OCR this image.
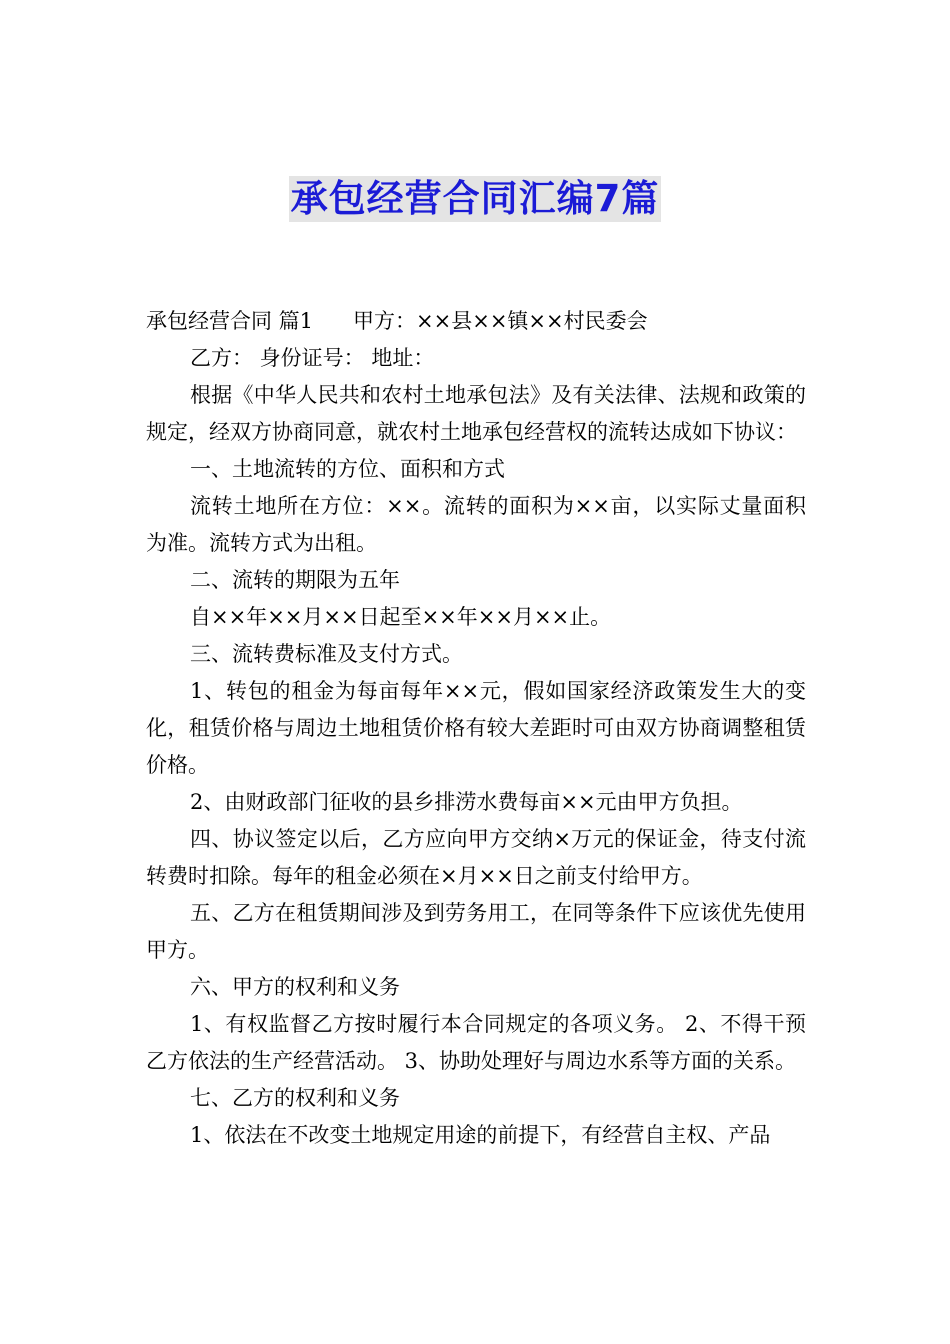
承包经营合同汇编7篇

承包经营合同 篇1 甲方：××县××镇××村民委会

乙方： 身份证号： 地址：

根据《中华人民共和农村土地承包法》及有关法律、法规和政策的规定，经双方协商同意，就农村土地承包经营权的流转达成如下协议：

一、土地流转的方位、面积和方式

流转土地所在方位：××。流转的面积为××亩，以实际丈量面积为准。流转方式为出租。

二、流转的期限为五年

自××年××月××日起至××年××月××止。

三、流转费标准及支付方式。

1、转包的租金为每亩每年××元，假如国家经济政策发生大的变化，租赁价格与周边土地租赁价格有较大差距时可由双方协商调整租赁价格。

2、由财政部门征收的县乡排涝水费每亩××元由甲方负担。

四、协议签定以后，乙方应向甲方交纳×万元的保证金，待支付流转费时扣除。每年的租金必须在×月××日之前支付给甲方。

五、乙方在租赁期间涉及到劳务用工，在同等条件下应该优先使用甲方。

六、甲方的权利和义务

1、有权监督乙方按时履行本合同规定的各项义务。 2、不得干预乙方依法的生产经营活动。 3、协助处理好与周边水系等方面的关系。

七、乙方的权利和义务

1、依法在不改变土地规定用途的前提下，有经营自主权、产品
